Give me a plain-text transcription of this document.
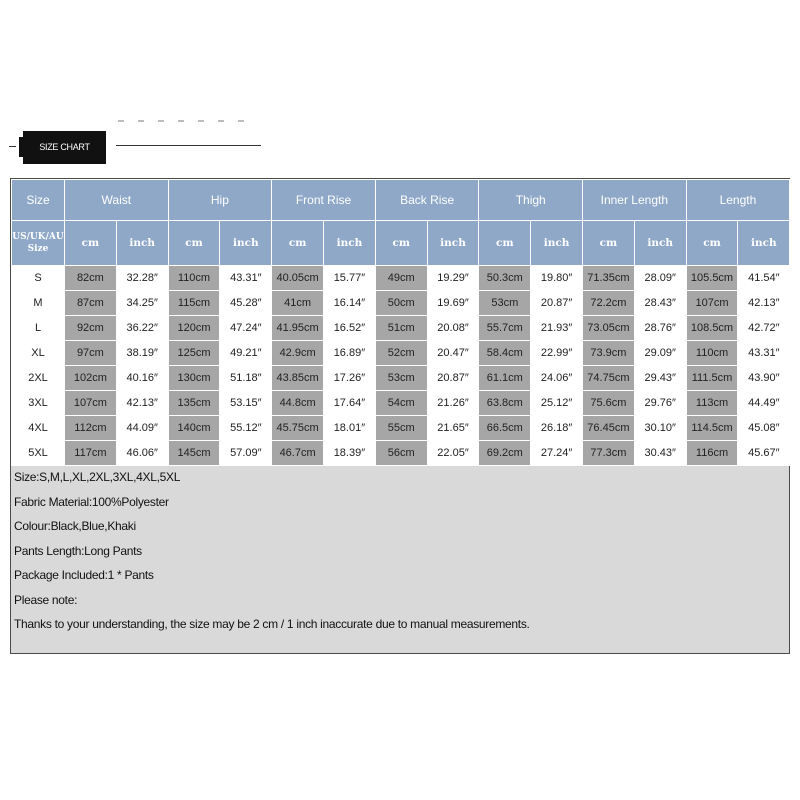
SIZE CHART
Size	Waist		Hip		Front Rise		Back Rise		Thigh		Inner Length		Length	
US/UK/AU Size	cm	inch	cm	inch	cm	inch	cm	inch	cm	inch	cm	inch	cm	inch
S	82cm	32.28″	110cm	43.31″	40.05cm	15.77″	49cm	19.29″	50.3cm	19.80″	71.35cm	28.09″	105.5cm	41.54″
M	87cm	34.25″	115cm	45.28″	41cm	16.14″	50cm	19.69″	53cm	20.87″	72.2cm	28.43″	107cm	42.13″
L	92cm	36.22″	120cm	47.24″	41.95cm	16.52″	51cm	20.08″	55.7cm	21.93″	73.05cm	28.76″	108.5cm	42.72″
XL	97cm	38.19″	125cm	49.21″	42.9cm	16.89″	52cm	20.47″	58.4cm	22.99″	73.9cm	29.09″	110cm	43.31″
2XL	102cm	40.16″	130cm	51.18″	43.85cm	17.26″	53cm	20.87″	61.1cm	24.06″	74.75cm	29.43″	111.5cm	43.90″
3XL	107cm	42.13″	135cm	53.15″	44.8cm	17.64″	54cm	21.26″	63.8cm	25.12″	75.6cm	29.76″	113cm	44.49″
4XL	112cm	44.09″	140cm	55.12″	45.75cm	18.01″	55cm	21.65″	66.5cm	26.18″	76.45cm	30.10″	114.5cm	45.08″
5XL	117cm	46.06″	145cm	57.09″	46.7cm	18.39″	56cm	22.05″	69.2cm	27.24″	77.3cm	30.43″	116cm	45.67″
Size:S,M,L,XL,2XL,3XL,4XL,5XL
Fabric Material:100%Polyester
Colour:Black,Blue,Khaki
Pants Length:Long Pants
Package Included:1 * Pants
Please note:
Thanks to your understanding, the size may be 2 cm / 1 inch inaccurate due to manual measurements.
